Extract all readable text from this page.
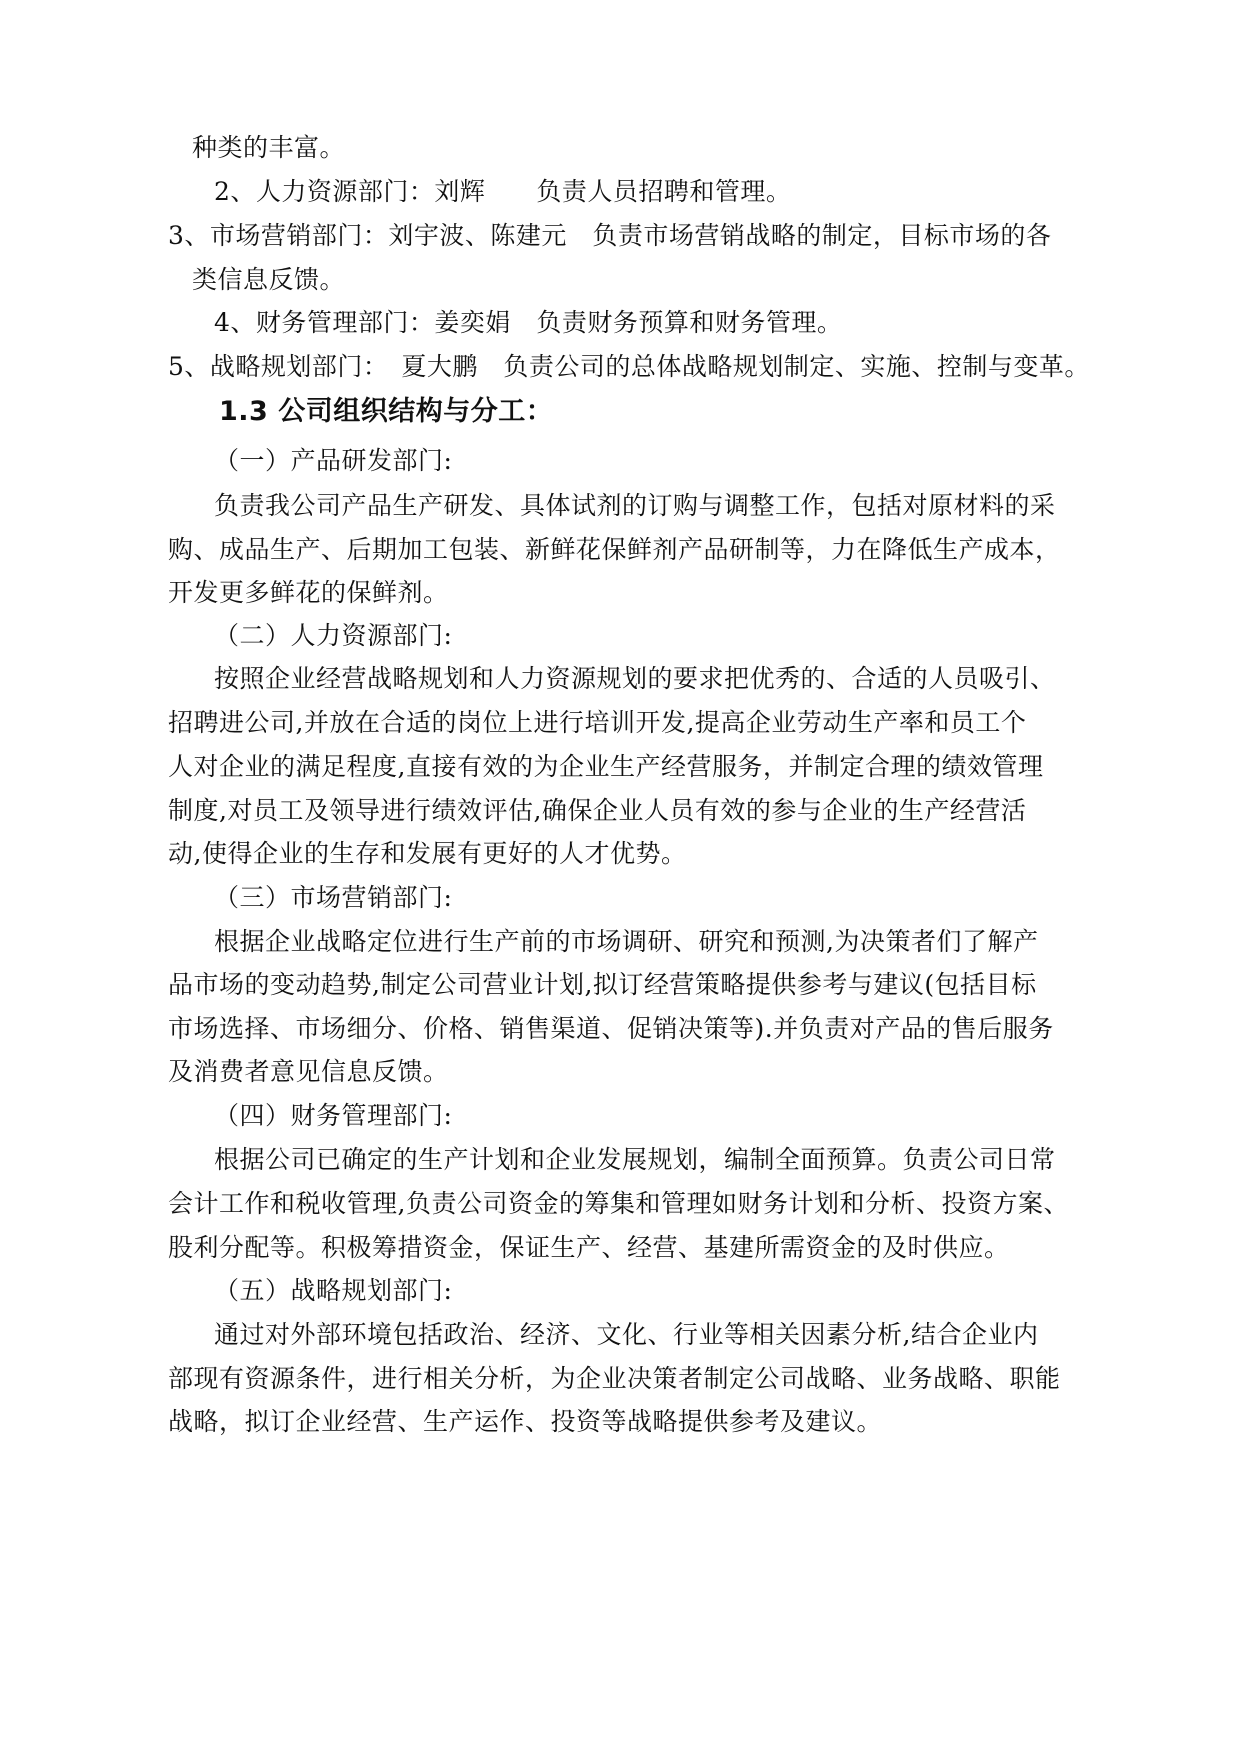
种类的丰富。
2、人力资源部门：刘辉　　负责人员招聘和管理。
3、市场营销部门：刘宇波、陈建元　负责市场营销战略的制定，目标市场的各
类信息反馈。
4、财务管理部门：姜奕娟　负责财务预算和财务管理。
5、战略规划部门：　夏大鹏　负责公司的总体战略规划制定、实施、控制与变革。
1.3 公司组织结构与分工：
（一）产品研发部门:
负责我公司产品生产研发、具体试剂的订购与调整工作，包括对原材料的采
购、成品生产、后期加工包装、新鲜花保鲜剂产品研制等，力在降低生产成本，
开发更多鲜花的保鲜剂。
（二）人力资源部门:
按照企业经营战略规划和人力资源规划的要求把优秀的、合适的人员吸引、
招聘进公司,并放在合适的岗位上进行培训开发,提高企业劳动生产率和员工个
人对企业的满足程度,直接有效的为企业生产经营服务，并制定合理的绩效管理
制度,对员工及领导进行绩效评估,确保企业人员有效的参与企业的生产经营活
动,使得企业的生存和发展有更好的人才优势。
（三）市场营销部门:
根据企业战略定位进行生产前的市场调研、研究和预测,为决策者们了解产
品市场的变动趋势,制定公司营业计划,拟订经营策略提供参考与建议(包括目标
市场选择、市场细分、价格、销售渠道、促销决策等).并负责对产品的售后服务
及消费者意见信息反馈。
（四）财务管理部门:
根据公司已确定的生产计划和企业发展规划，编制全面预算。负责公司日常
会计工作和税收管理,负责公司资金的筹集和管理如财务计划和分析、投资方案、
股利分配等。积极筹措资金，保证生产、经营、基建所需资金的及时供应。
（五）战略规划部门:
通过对外部环境包括政治、经济、文化、行业等相关因素分析,结合企业内
部现有资源条件，进行相关分析，为企业决策者制定公司战略、业务战略、职能
战略，拟订企业经营、生产运作、投资等战略提供参考及建议。
